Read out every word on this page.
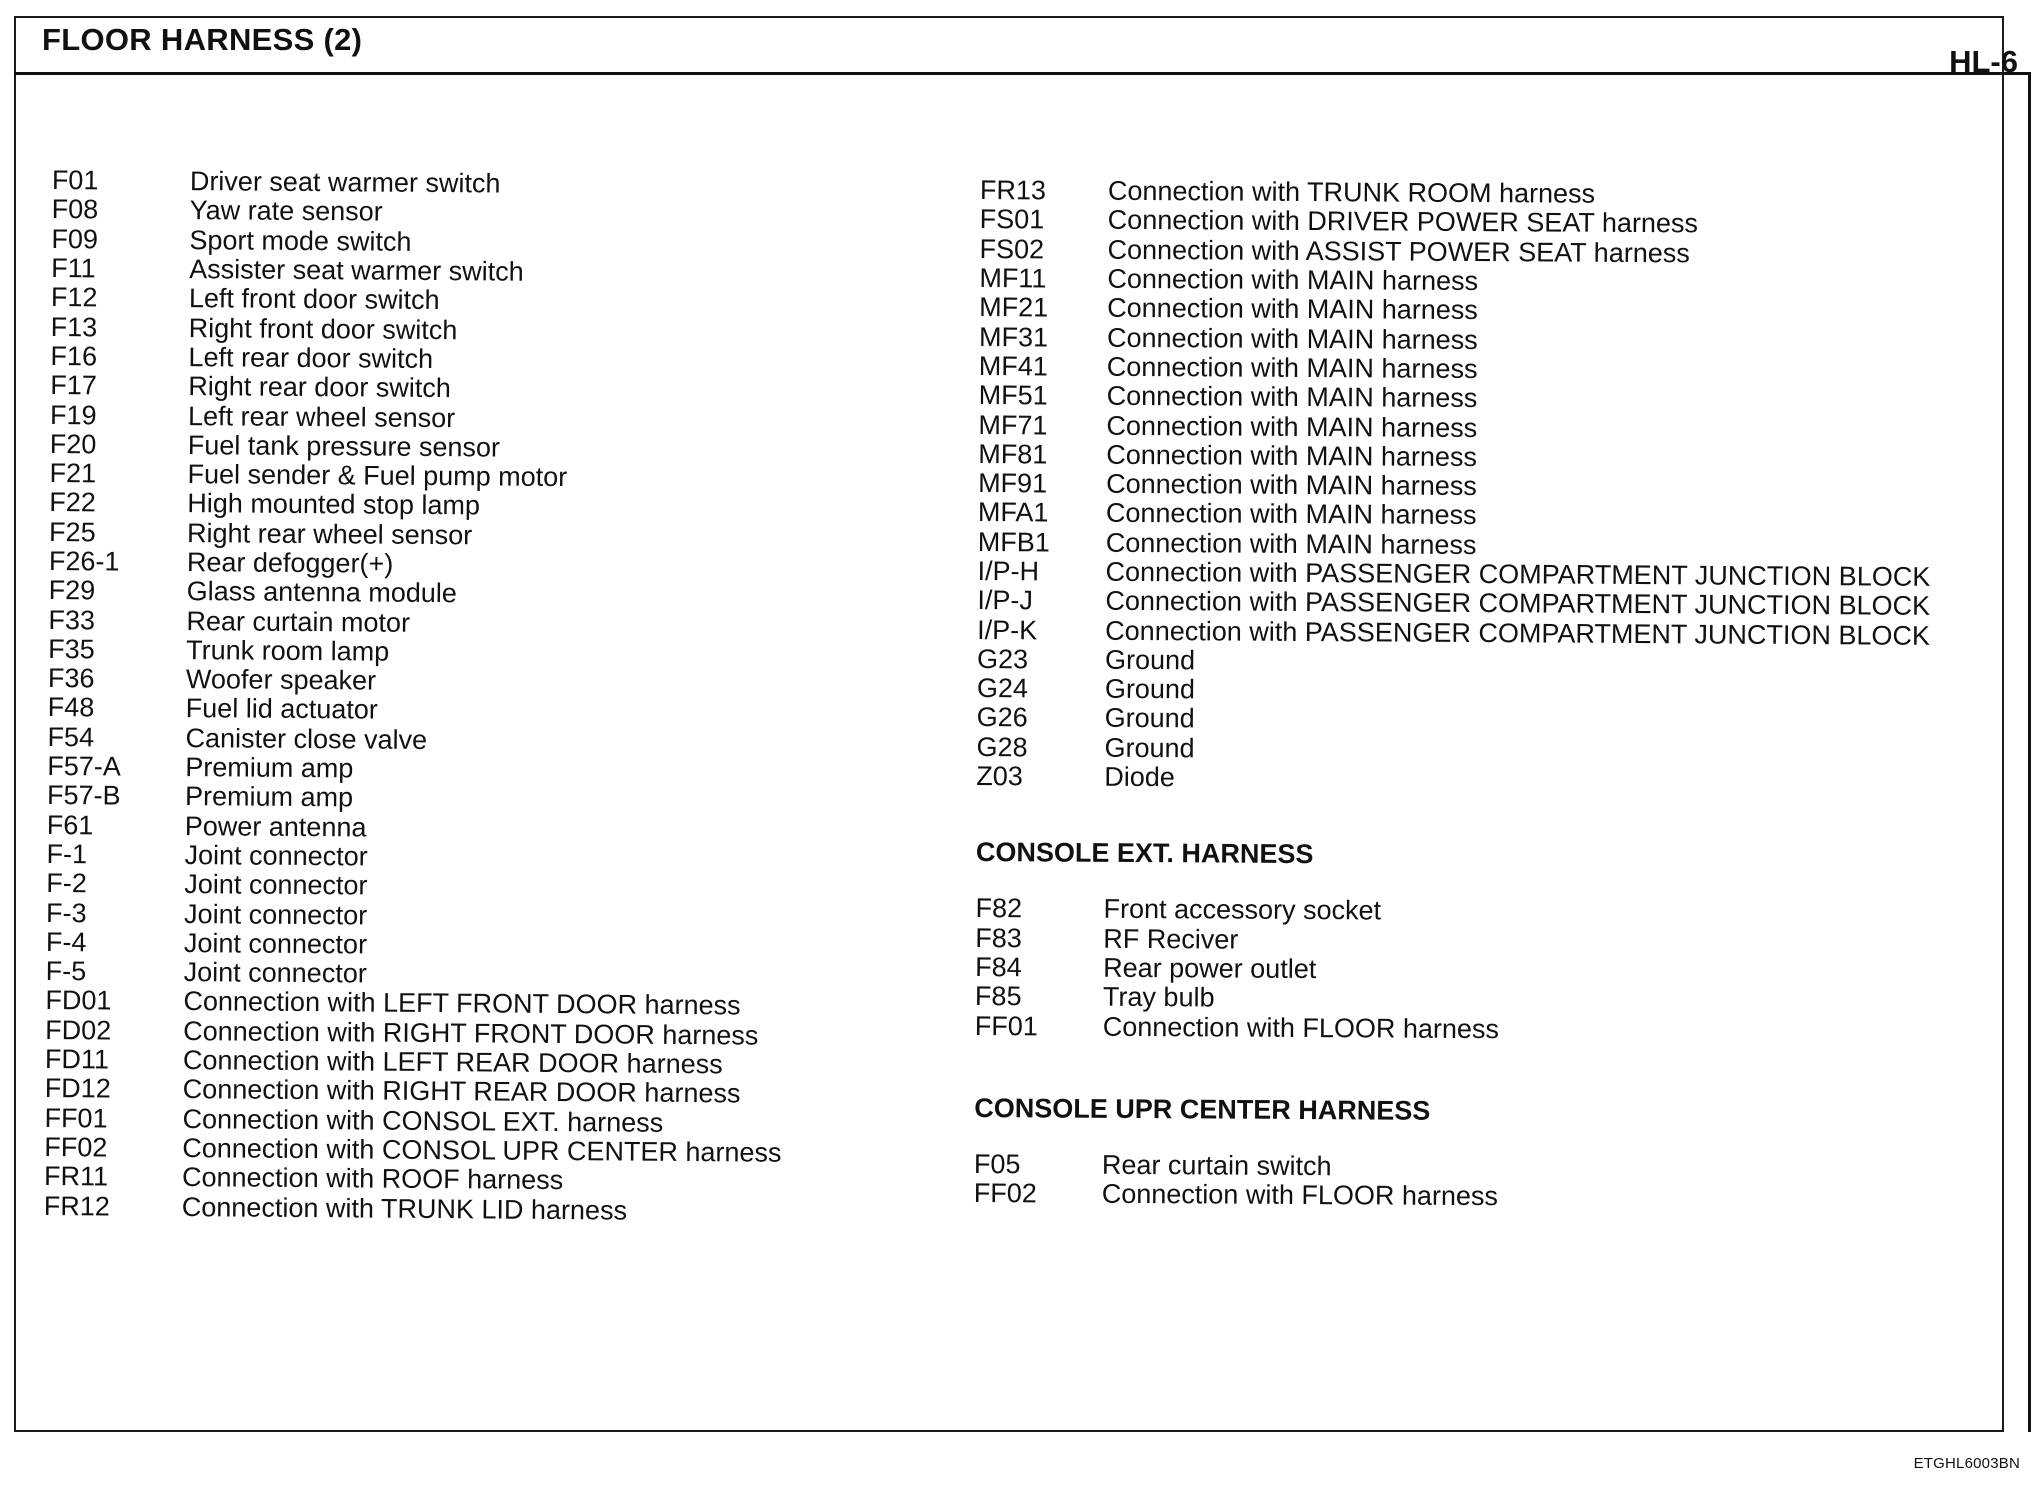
FLOOR HARNESS (2)
HL-6
F01	Driver seat warmer switch
F08	Yaw rate sensor
F09	Sport mode switch
F11	Assister seat warmer switch
F12	Left front door switch
F13	Right front door switch
F16	Left rear door switch
F17	Right rear door switch
F19	Left rear wheel sensor
F20	Fuel tank pressure sensor
F21	Fuel sender & Fuel pump motor
F22	High mounted stop lamp
F25	Right rear wheel sensor
F26-1	Rear defogger(+)
F29	Glass antenna module
F33	Rear curtain motor
F35	Trunk room lamp
F36	Woofer speaker
F48	Fuel lid actuator
F54	Canister close valve
F57-A	Premium amp
F57-B	Premium amp
F61	Power antenna
F-1	Joint connector
F-2	Joint connector
F-3	Joint connector
F-4	Joint connector
F-5	Joint connector
FD01	Connection with LEFT FRONT DOOR harness
FD02	Connection with RIGHT FRONT DOOR harness
FD11	Connection with LEFT REAR DOOR harness
FD12	Connection with RIGHT REAR DOOR harness
FF01	Connection with CONSOL EXT. harness
FF02	Connection with CONSOL UPR CENTER harness
FR11	Connection with ROOF harness
FR12	Connection with TRUNK LID harness
FR13	Connection with TRUNK ROOM harness
FS01	Connection with DRIVER POWER SEAT harness
FS02	Connection with ASSIST POWER SEAT harness
MF11	Connection with MAIN harness
MF21	Connection with MAIN harness
MF31	Connection with MAIN harness
MF41	Connection with MAIN harness
MF51	Connection with MAIN harness
MF71	Connection with MAIN harness
MF81	Connection with MAIN harness
MF91	Connection with MAIN harness
MFA1	Connection with MAIN harness
MFB1	Connection with MAIN harness
I/P-H	Connection with PASSENGER COMPARTMENT JUNCTION BLOCK
I/P-J	Connection with PASSENGER COMPARTMENT JUNCTION BLOCK
I/P-K	Connection with PASSENGER COMPARTMENT JUNCTION BLOCK
G23	Ground
G24	Ground
G26	Ground
G28	Ground
Z03	Diode
CONSOLE EXT. HARNESS
F82	Front accessory socket
F83	RF Reciver
F84	Rear power outlet
F85	Tray bulb
FF01	Connection with FLOOR harness
CONSOLE UPR CENTER HARNESS
F05	Rear curtain switch
FF02	Connection with FLOOR harness
ETGHL6003BN
